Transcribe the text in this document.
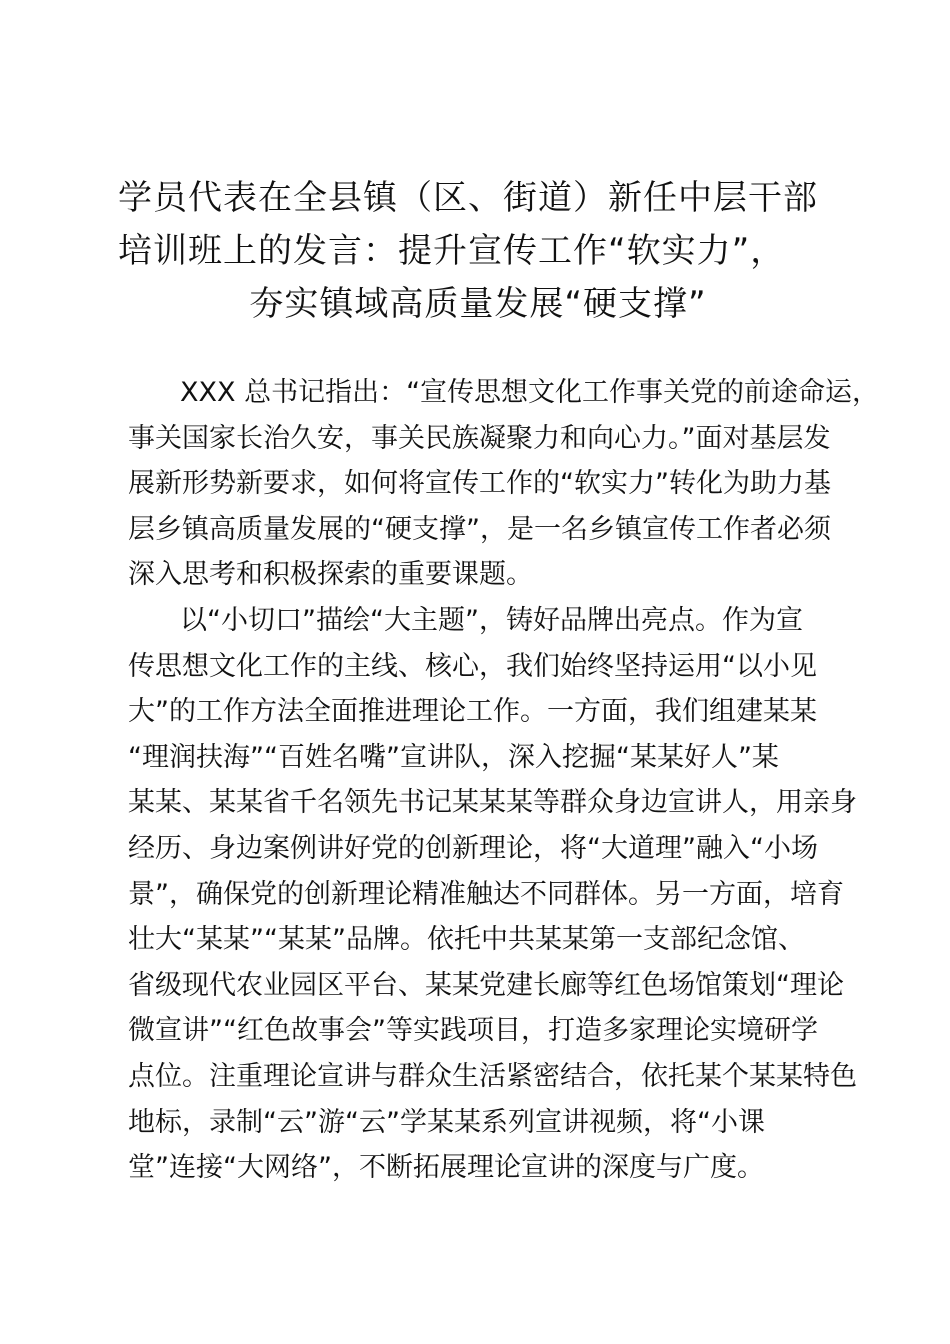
学员代表在全县镇（区、街道）新任中层干部
培训班上的发言：提升宣传工作“软实力”，
夯实镇域高质量发展“硬支撑”
XXX 总书记指出：“宣传思想文化工作事关党的前途命运，
事关国家长治久安，事关民族凝聚力和向心力。”面对基层发
展新形势新要求，如何将宣传工作的“软实力”转化为助力基
层乡镇高质量发展的“硬支撑”，是一名乡镇宣传工作者必须
深入思考和积极探索的重要课题。
以“小切口”描绘“大主题”，铸好品牌出亮点。作为宣
传思想文化工作的主线、核心，我们始终坚持运用“以小见
大”的工作方法全面推进理论工作。一方面，我们组建某某
“理润扶海”“百姓名嘴”宣讲队，深入挖掘“某某好人”某
某某、某某省千名领先书记某某某等群众身边宣讲人，用亲身
经历、身边案例讲好党的创新理论，将“大道理”融入“小场
景”，确保党的创新理论精准触达不同群体。另一方面，培育
壮大“某某”“某某”品牌。依托中共某某第一支部纪念馆、
省级现代农业园区平台、某某党建长廊等红色场馆策划“理论
微宣讲”“红色故事会”等实践项目，打造多家理论实境研学
点位。注重理论宣讲与群众生活紧密结合，依托某个某某特色
地标，录制“云”游“云”学某某系列宣讲视频，将“小课
堂”连接“大网络”，不断拓展理论宣讲的深度与广度。
